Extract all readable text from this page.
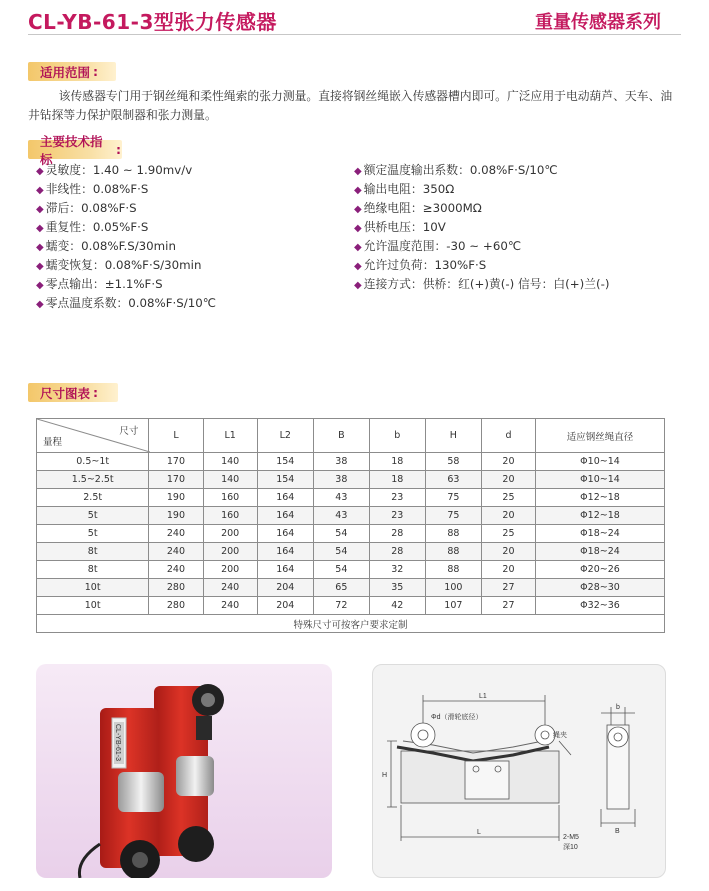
CL-YB-61-3型张力传感器	重量传感器系列
适用范围 :
该传感器专门用于钢丝绳和柔性绳索的张力测量。直接将钢丝绳嵌入传感器槽内即可。广泛应用于电动葫芦、天车、油井钻探等力保护限制器和张力测量。
主要技术指标
:
◆ 灵敏度：1.40 ~ 1.90mv/v
◆ 非线性：0.08%F·S
◆ 滞后：0.08%F·S
◆ 重复性：0.05%F·S
◆ 蠕变：0.08%F.S/30min
◆ 蠕变恢复：0.08%F·S/30min
◆ 零点输出：±1.1%F·S
◆ 零点温度系数：0.08%F·S/10℃
◆ 额定温度输出系数：0.08%F·S/10℃
◆ 输出电阻：350Ω
◆ 绝缘电阻：≥3000MΩ
◆ 供桥电压：10V
◆ 允许温度范围：-30 ~ +60℃
◆ 允许过负荷：130%F·S
◆ 连接方式：供桥：红(+)黄(-) 信号：白(+)兰(-)
尺寸图表 :
尺寸
量程	L	L1	L2	B	b	H	d	适应钢丝绳直径
0.5~1t	170	140	154	38	18	58	20	Φ10~14
1.5~2.5t	170	140	154	38	18	63	20	Φ10~14
2.5t	190	160	164	43	23	75	25	Φ12~18
5t	190	160	164	43	23	75	20	Φ12~18
5t	240	200	164	54	28	88	25	Φ18~24
8t	240	200	164	54	28	88	20	Φ18~24
8t	240	200	164	54	32	88	20	Φ20~26
10t	280	240	204	65	35	100	27	Φ28~30
10t	280	240	204	72	42	107	27	Φ32~36
特殊尺寸可按客户要求定制								
CL-YB-61-3
L1
Φd（滑轮底径）
绳夹
H
L
2-M5
深10
b
B
